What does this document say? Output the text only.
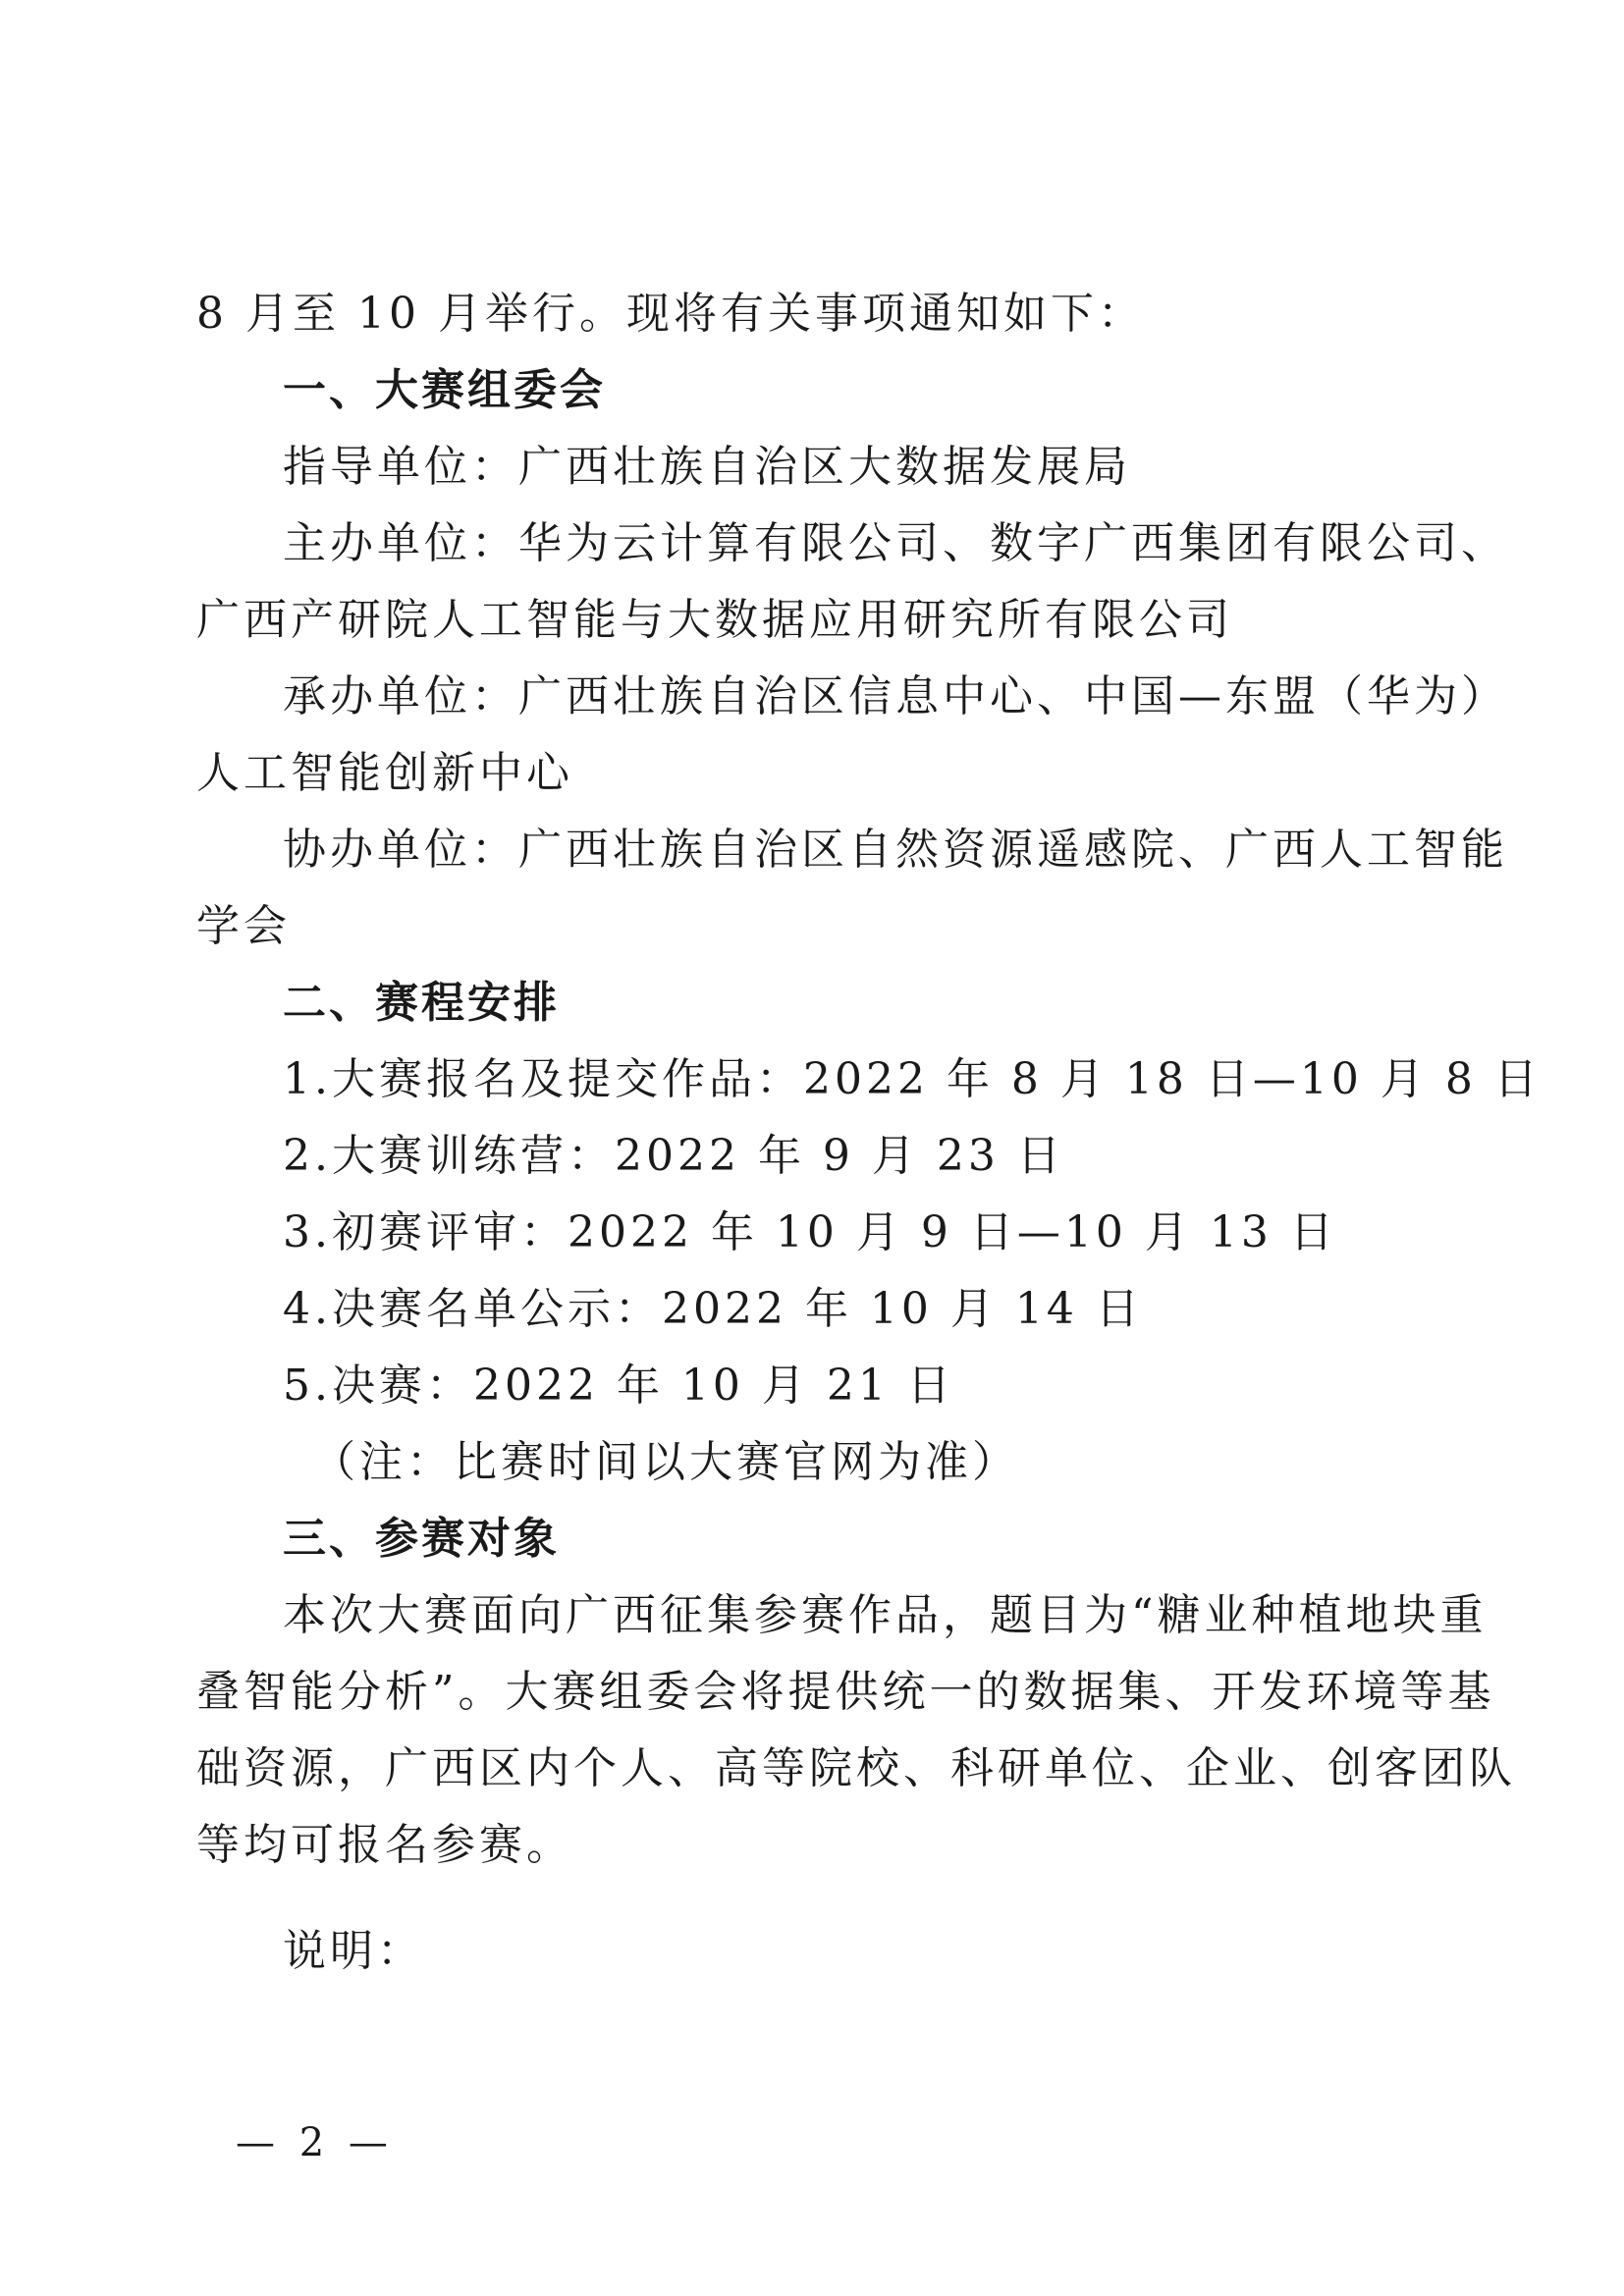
8 月至 10 月举行。现将有关事项通知如下：
一、大赛组委会
指导单位：广西壮族自治区大数据发展局
主办单位：华为云计算有限公司、数字广西集团有限公司、
广西产研院人工智能与大数据应用研究所有限公司
承办单位：广西壮族自治区信息中心、中国—东盟（华为）
人工智能创新中心
协办单位：广西壮族自治区自然资源遥感院、广西人工智能
学会
二、赛程安排
1.大赛报名及提交作品：2022 年 8 月 18 日—10 月 8 日
2.大赛训练营：2022 年 9 月 23 日
3.初赛评审：2022 年 10 月 9 日—10 月 13 日
4.决赛名单公示：2022 年 10 月 14 日
5.决赛：2022 年 10 月 21 日
（注：比赛时间以大赛官网为准）
三、参赛对象
本次大赛面向广西征集参赛作品，题目为“糖业种植地块重
叠智能分析”。大赛组委会将提供统一的数据集、开发环境等基
础资源，广西区内个人、高等院校、科研单位、企业、创客团队
等均可报名参赛。
说明：
— 2 —
